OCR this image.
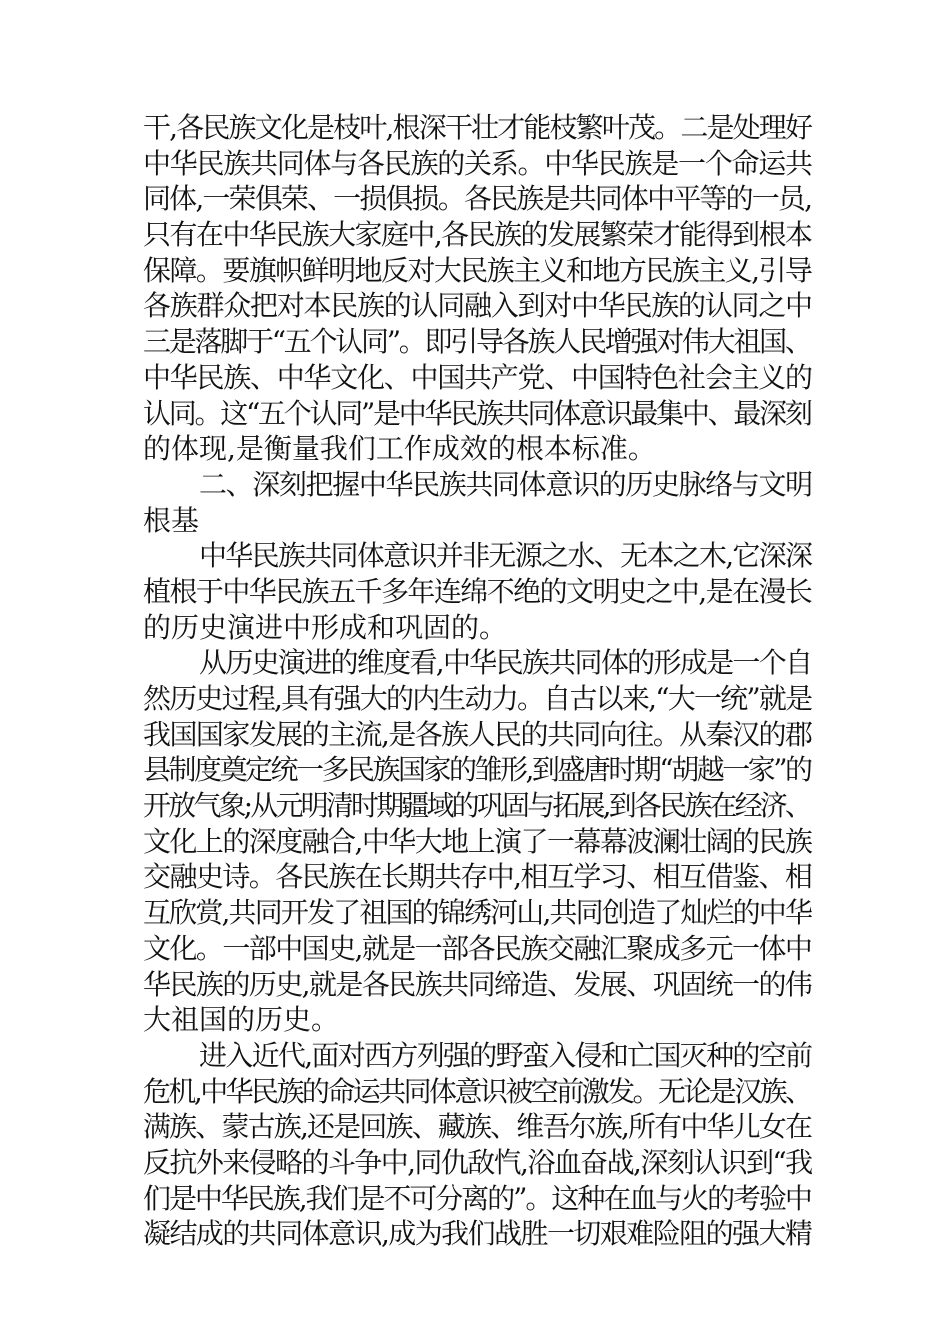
干,各民族文化是枝叶,根深干壮才能枝繁叶茂。二是处理好
中华民族共同体与各民族的关系。中华民族是一个命运共
同体,一荣俱荣、一损俱损。各民族是共同体中平等的一员,
只有在中华民族大家庭中,各民族的发展繁荣才能得到根本
保障。要旗帜鲜明地反对大民族主义和地方民族主义,引导
各族群众把对本民族的认同融入到对中华民族的认同之中
三是落脚于“五个认同”。即引导各族人民增强对伟大祖国、
中华民族、中华文化、中国共产党、中国特色社会主义的
认同。这“五个认同”是中华民族共同体意识最集中、最深刻
的体现,是衡量我们工作成效的根本标准。
二、深刻把握中华民族共同体意识的历史脉络与文明
根基
中华民族共同体意识并非无源之水、无本之木,它深深
植根于中华民族五千多年连绵不绝的文明史之中,是在漫长
的历史演进中形成和巩固的。
从历史演进的维度看,中华民族共同体的形成是一个自
然历史过程,具有强大的内生动力。自古以来,“大一统”就是
我国国家发展的主流,是各族人民的共同向往。从秦汉的郡
县制度奠定统一多民族国家的雏形,到盛唐时期“胡越一家”的
开放气象;从元明清时期疆域的巩固与拓展,到各民族在经济、
文化上的深度融合,中华大地上演了一幕幕波澜壮阔的民族
交融史诗。各民族在长期共存中,相互学习、相互借鉴、相
互欣赏,共同开发了祖国的锦绣河山,共同创造了灿烂的中华
文化。一部中国史,就是一部各民族交融汇聚成多元一体中
华民族的历史,就是各民族共同缔造、发展、巩固统一的伟
大祖国的历史。
进入近代,面对西方列强的野蛮入侵和亡国灭种的空前
危机,中华民族的命运共同体意识被空前激发。无论是汉族、
满族、蒙古族,还是回族、藏族、维吾尔族,所有中华儿女在
反抗外来侵略的斗争中,同仇敌忾,浴血奋战,深刻认识到“我
们是中华民族,我们是不可分离的”。这种在血与火的考验中
凝结成的共同体意识,成为我们战胜一切艰难险阻的强大精
